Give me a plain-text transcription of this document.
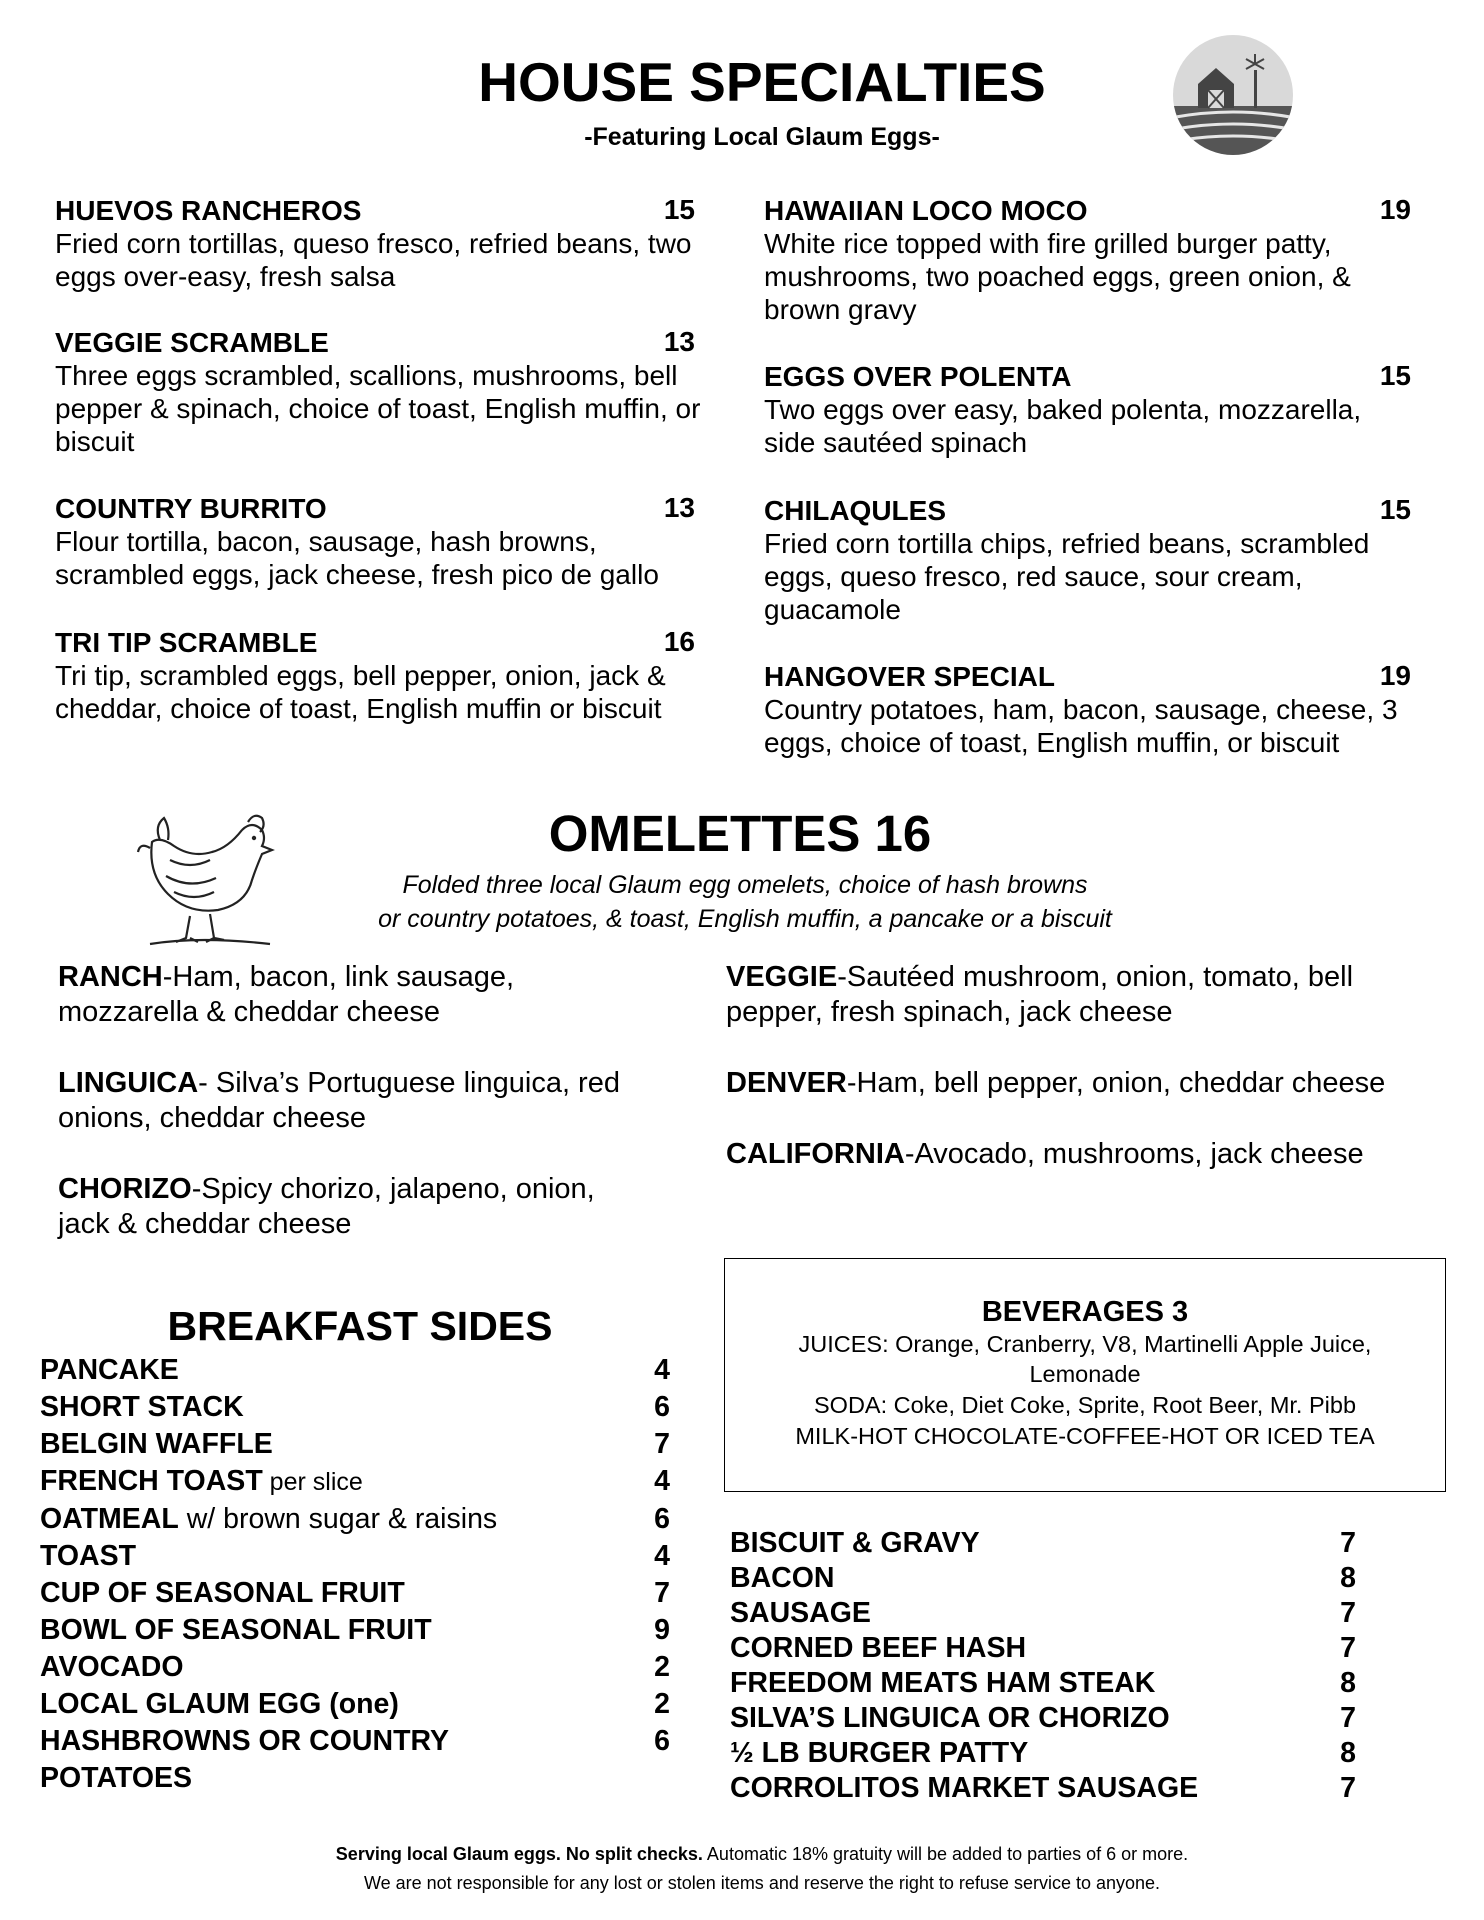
HOUSE SPECIALTIES
-Featuring Local Glaum Eggs-
HUEVOS RANCHEROS	15
Fried corn tortillas, queso fresco, refried beans, two eggs over-easy, fresh salsa
VEGGIE SCRAMBLE	13
Three eggs scrambled, scallions, mushrooms, bell pepper & spinach, choice of toast, English muffin, or biscuit
COUNTRY BURRITO	13
Flour tortilla, bacon, sausage, hash browns, scrambled eggs, jack cheese, fresh pico de gallo
TRI TIP SCRAMBLE	16
Tri tip, scrambled eggs, bell pepper, onion, jack & cheddar, choice of toast, English muffin or biscuit
HAWAIIAN LOCO MOCO	19
White rice topped with fire grilled burger patty, mushrooms, two poached eggs, green onion, & brown gravy
EGGS OVER POLENTA	15
Two eggs over easy, baked polenta, mozzarella, side sautéed spinach
CHILAQULES	15
Fried corn tortilla chips, refried beans, scrambled eggs, queso fresco, red sauce, sour cream, guacamole
HANGOVER SPECIAL	19
Country potatoes, ham, bacon, sausage, cheese, 3 eggs, choice of toast, English muffin, or biscuit
OMELETTES 16
Folded three local Glaum egg omelets, choice of hash browns
or country potatoes, & toast, English muffin, a pancake or a biscuit

RANCH-Ham, bacon, link sausage, mozzarella & cheddar cheese

LINGUICA- Silva’s Portuguese linguica, red onions, cheddar cheese

CHORIZO-Spicy chorizo, jalapeno, onion, jack & cheddar cheese

VEGGIE-Sautéed mushroom, onion, tomato, bell pepper, fresh spinach, jack cheese

DENVER-Ham, bell pepper, onion, cheddar cheese

CALIFORNIA-Avocado, mushrooms, jack cheese

BREAKFAST SIDES
PANCAKE	4
SHORT STACK	6
BELGIN WAFFLE	7
FRENCH TOAST per slice	4
OATMEAL w/ brown sugar & raisins	6
TOAST	4
CUP OF SEASONAL FRUIT	7
BOWL OF SEASONAL FRUIT	9
AVOCADO	2
LOCAL GLAUM EGG (one)	2
HASHBROWNS OR COUNTRY	6
POTATOES
BEVERAGES 3
JUICES: Orange, Cranberry, V8, Martinelli Apple Juice,
Lemonade
SODA: Coke, Diet Coke, Sprite, Root Beer, Mr. Pibb
MILK-HOT CHOCOLATE-COFFEE-HOT OR ICED TEA
BISCUIT & GRAVY	7
BACON	8
SAUSAGE	7
CORNED BEEF HASH	7
FREEDOM MEATS HAM STEAK	8
SILVA’S LINGUICA OR CHORIZO	7
½ LB BURGER PATTY	8
CORROLITOS MARKET SAUSAGE	7
Serving local Glaum eggs. No split checks. Automatic 18% gratuity will be added to parties of 6 or more.
We are not responsible for any lost or stolen items and reserve the right to refuse service to anyone.
